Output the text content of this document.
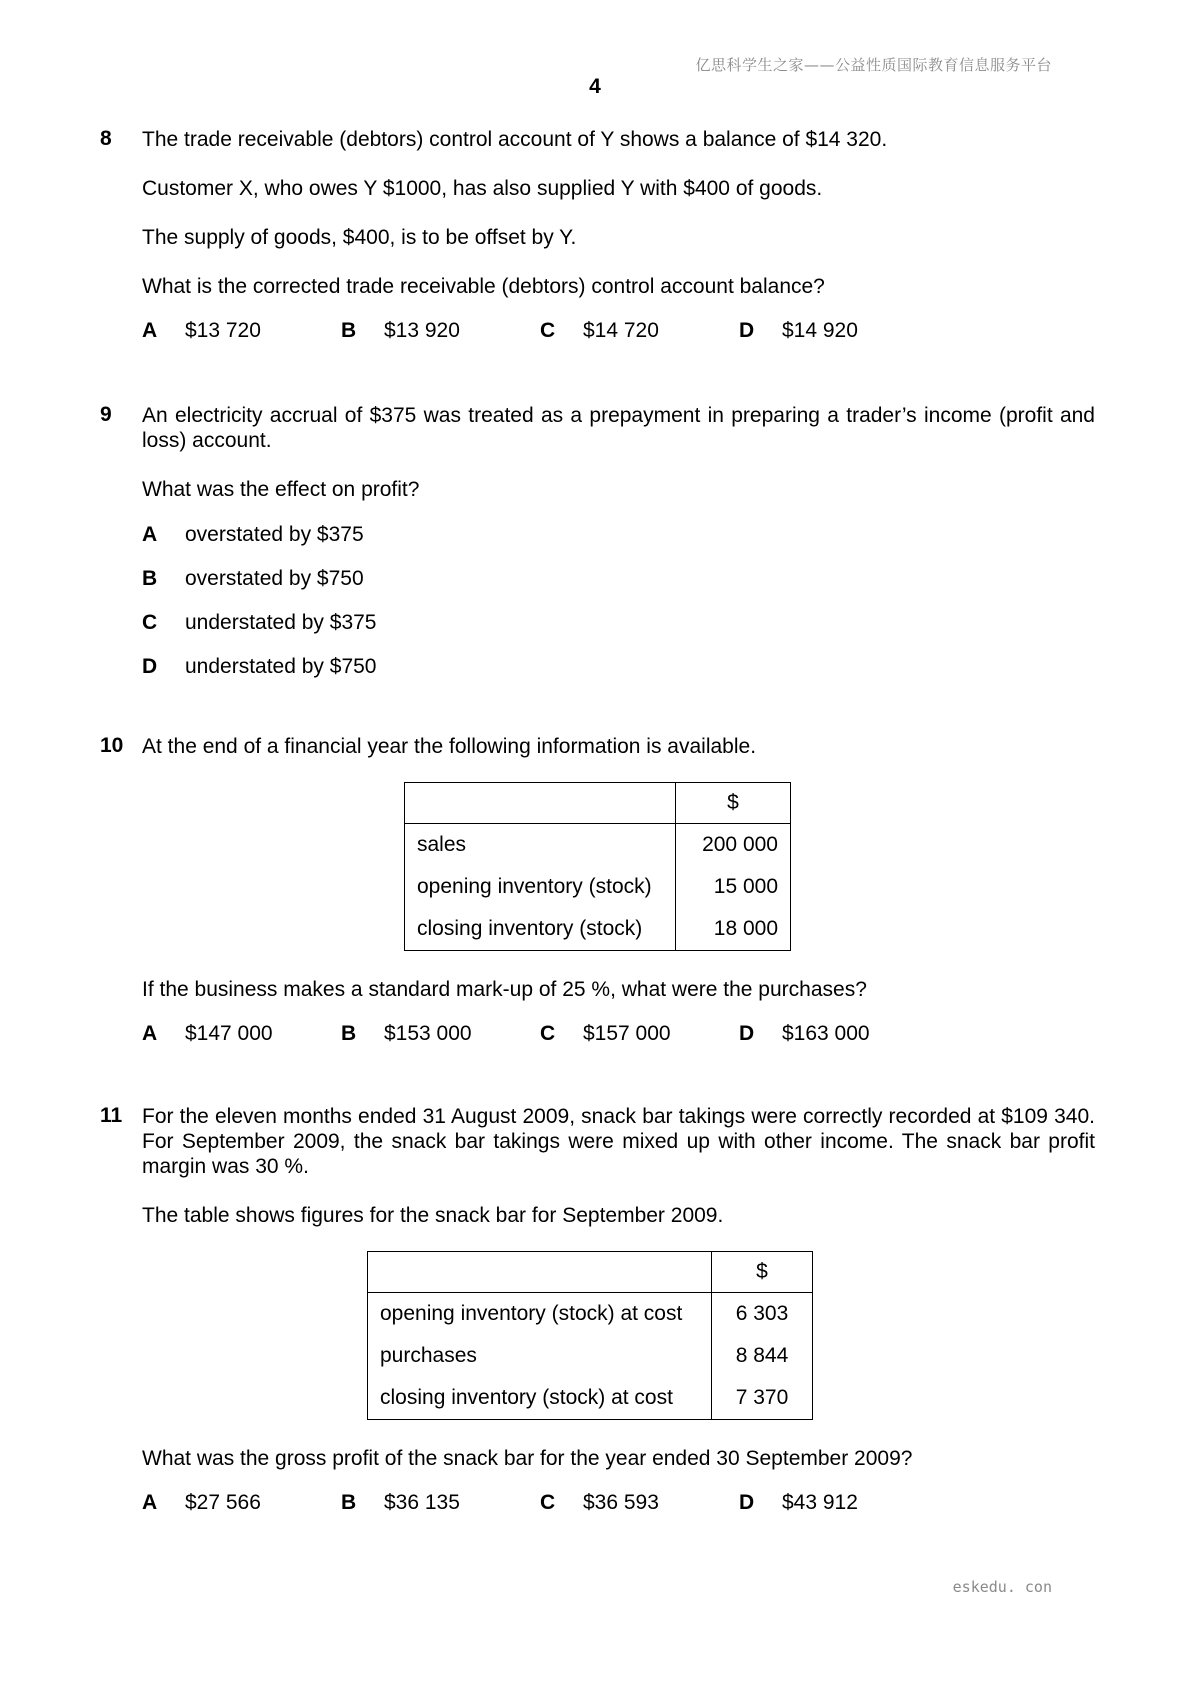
亿思科学生之家——公益性质国际教育信息服务平台
4
8 The trade receivable (debtors) control account of Y shows a balance of $14 320.

Customer X, who owes Y $1000, has also supplied Y with $400 of goods.

The supply of goods, $400, is to be offset by Y.

What is the corrected trade receivable (debtors) control account balance?

A	$13 720	B	$13 920	C	$14 720	D	$14 920
9 An electricity accrual of $375 was treated as a prepayment in preparing a trader’s income (profit and loss) account.

What was the effect on profit?

A	overstated by $375
B	overstated by $750
C	understated by $375
D	understated by $750
10 At the end of a financial year the following information is available.

	$
sales	200 000
opening inventory (stock)	15 000
closing inventory (stock)	18 000

If the business makes a standard mark-up of 25 %, what were the purchases?

A	$147 000	B	$153 000	C	$157 000	D	$163 000
11 For the eleven months ended 31 August 2009, snack bar takings were correctly recorded at $109 340. For September 2009, the snack bar takings were mixed up with other income. The snack bar profit margin was 30 %.

The table shows figures for the snack bar for September 2009.

	$
opening inventory (stock) at cost	6 303
purchases	8 844
closing inventory (stock) at cost	7 370

What was the gross profit of the snack bar for the year ended 30 September 2009?

A	$27 566	B	$36 135	C	$36 593	D	$43 912
eskedu. con
